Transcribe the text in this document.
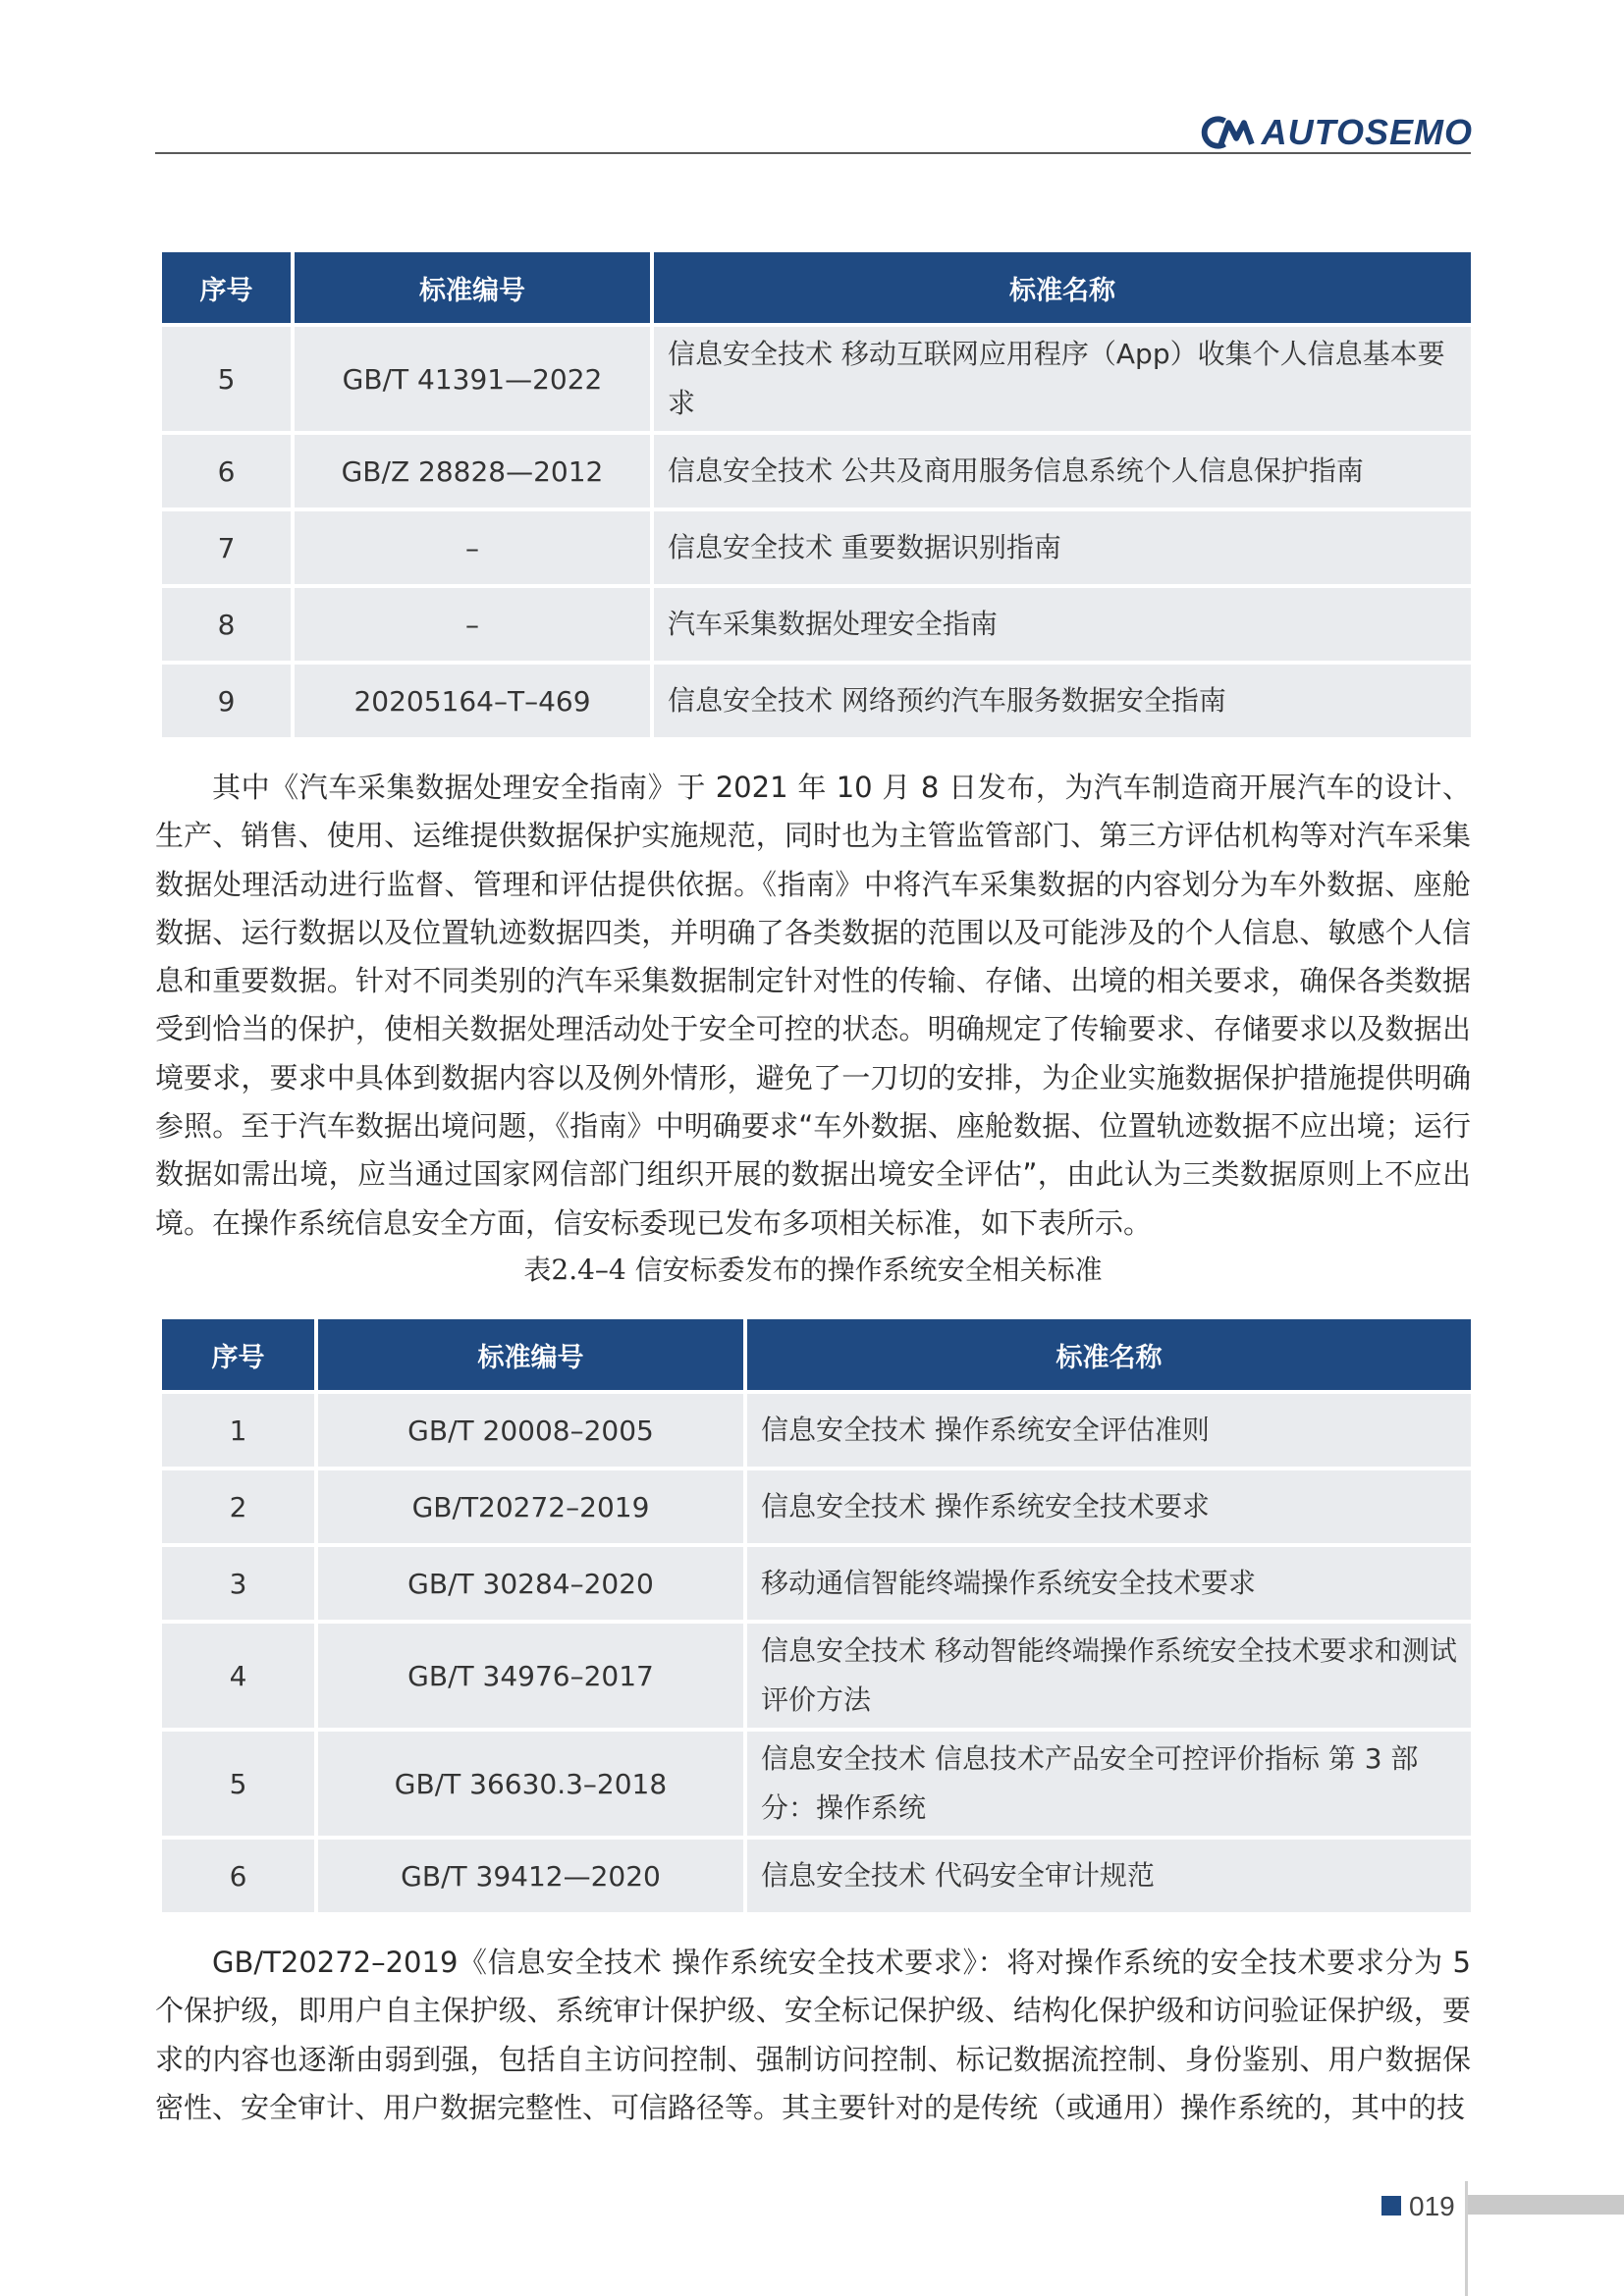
AUTOSEMO
序号	标准编号	标准名称
5	GB/T 41391—2022	信息安全技术 移动互联网应用程序（App）收集个人信息基本要求
6	GB/Z 28828—2012	信息安全技术 公共及商用服务信息系统个人信息保护指南
7	–	信息安全技术 重要数据识别指南
8	–	汽车采集数据处理安全指南
9	20205164–T–469	信息安全技术 网络预约汽车服务数据安全指南

其中《汽车采集数据处理安全指南》于 2021 年 10 月 8 日发布，为汽车制造商开展汽车的设计、生产、销售、使用、运维提供数据保护实施规范，同时也为主管监管部门、第三方评估机构等对汽车采集数据处理活动进行监督、管理和评估提供依据。《指南》中将汽车采集数据的内容划分为车外数据、座舱数据、运行数据以及位置轨迹数据四类，并明确了各类数据的范围以及可能涉及的个人信息、敏感个人信息和重要数据。针对不同类别的汽车采集数据制定针对性的传输、存储、出境的相关要求，确保各类数据受到恰当的保护，使相关数据处理活动处于安全可控的状态。明确规定了传输要求、存储要求以及数据出境要求，要求中具体到数据内容以及例外情形，避免了一刀切的安排，为企业实施数据保护措施提供明确参照。至于汽车数据出境问题，《指南》中明确要求“车外数据、座舱数据、位置轨迹数据不应出境；运行数据如需出境，应当通过国家网信部门组织开展的数据出境安全评估”，由此认为三类数据原则上不应出境。 在操作系统信息安全方面，信安标委现已发布多项相关标准，如下表所示。

表2.4–4 信安标委发布的操作系统安全相关标准
序号	标准编号	标准名称
1	GB/T 20008–2005	信息安全技术 操作系统安全评估准则
2	GB/T20272–2019	信息安全技术 操作系统安全技术要求
3	GB/T 30284–2020	移动通信智能终端操作系统安全技术要求
4	GB/T 34976–2017	信息安全技术 移动智能终端操作系统安全技术要求和测试评价方法
5	GB/T 36630.3–2018	信息安全技术 信息技术产品安全可控评价指标 第 3 部分：操作系统
6	GB/T 39412—2020	信息安全技术 代码安全审计规范

GB/T20272–2019《信息安全技术 操作系统安全技术要求》：将对操作系统的安全技术要求分为 5 个保护级，即用户自主保护级、系统审计保护级、安全标记保护级、结构化保护级和访问验证保护级，要求的内容也逐渐由弱到强，包括自主访问控制、强制访问控制、标记数据流控制、身份鉴别、用户数据保密性、安全审计、用户数据完整性、可信路径等。其主要针对的是传统（或通用）操作系统的，其中的技

019
